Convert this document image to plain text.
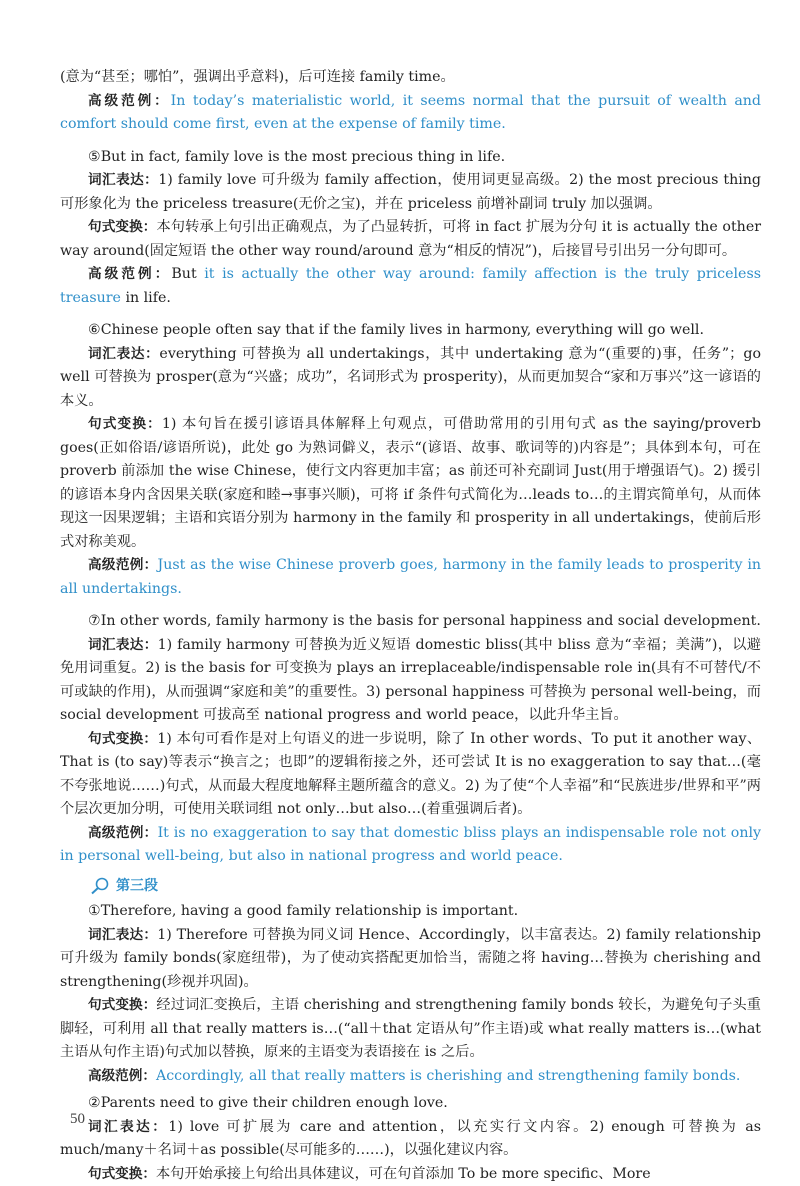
(意为“甚至；哪怕”，强调出乎意料)，后可连接 family time。

高级范例：In today’s materialistic world, it seems normal that the pursuit of wealth and comfort should come first, even at the expense of family time.

⑤But in fact, family love is the most precious thing in life.

词汇表达：1) family love 可升级为 family affection，使用词更显高级。2) the most precious thing 可形象化为 the priceless treasure(无价之宝)，并在 priceless 前增补副词 truly 加以强调。

句式变换：本句转承上句引出正确观点，为了凸显转折，可将 in fact 扩展为分句 it is actually the other way around(固定短语 the other way round/around 意为“相反的情况”)，后接冒号引出另一分句即可。

高级范例：But it is actually the other way around: family affection is the truly priceless treasure in life.

⑥Chinese people often say that if the family lives in harmony, everything will go well.

词汇表达：everything 可替换为 all undertakings，其中 undertaking 意为“(重要的)事，任务”；go well 可替换为 prosper(意为“兴盛；成功”，名词形式为 prosperity)，从而更加契合“家和万事兴”这一谚语的本义。

句式变换：1) 本句旨在援引谚语具体解释上句观点，可借助常用的引用句式 as the saying/proverb goes(正如俗语/谚语所说)，此处 go 为熟词僻义，表示“(谚语、故事、歌词等的)内容是”；具体到本句，可在 proverb 前添加 the wise Chinese，使行文内容更加丰富；as 前还可补充副词 Just(用于增强语气)。2) 援引的谚语本身内含因果关联(家庭和睦→事事兴顺)，可将 if 条件句式简化为…leads to…的主谓宾简单句，从而体现这一因果逻辑；主语和宾语分别为 harmony in the family 和 prosperity in all undertakings，使前后形式对称美观。

高级范例：Just as the wise Chinese proverb goes, harmony in the family leads to prosperity in all undertakings.

⑦In other words, family harmony is the basis for personal happiness and social development.

词汇表达：1) family harmony 可替换为近义短语 domestic bliss(其中 bliss 意为“幸福；美满”)，以避免用词重复。2) is the basis for 可变换为 plays an irreplaceable/indispensable role in(具有不可替代/不可或缺的作用)，从而强调“家庭和美”的重要性。3) personal happiness 可替换为 personal well-being，而 social development 可拔高至 national progress and world peace，以此升华主旨。

句式变换：1) 本句可看作是对上句语义的进一步说明，除了 In other words、To put it another way、That is (to say)等表示“换言之；也即”的逻辑衔接之外，还可尝试 It is no exaggeration to say that…(毫不夸张地说……)句式，从而最大程度地解释主题所蕴含的意义。2) 为了使“个人幸福”和“民族进步/世界和平”两个层次更加分明，可使用关联词组 not only…but also…(着重强调后者)。

高级范例：It is no exaggeration to say that domestic bliss plays an indispensable role not only in personal well-being, but also in national progress and world peace.

第三段

①Therefore, having a good family relationship is important.

词汇表达：1) Therefore 可替换为同义词 Hence、Accordingly，以丰富表达。2) family relationship 可升级为 family bonds(家庭纽带)，为了使动宾搭配更加恰当，需随之将 having…替换为 cherishing and strengthening(珍视并巩固)。

句式变换：经过词汇变换后，主语 cherishing and strengthening family bonds 较长，为避免句子头重脚轻，可利用 all that really matters is…(“all＋that 定语从句”作主语)或 what really matters is…(what 主语从句作主语)句式加以替换，原来的主语变为表语接在 is 之后。

高级范例：Accordingly, all that really matters is cherishing and strengthening family bonds.

②Parents need to give their children enough love.

词汇表达：1) love 可扩展为 care and attention，以充实行文内容。2) enough 可替换为 as much/many＋名词＋as possible(尽可能多的……)，以强化建议内容。

句式变换：本句开始承接上句给出具体建议，可在句首添加 To be more specific、More

50
